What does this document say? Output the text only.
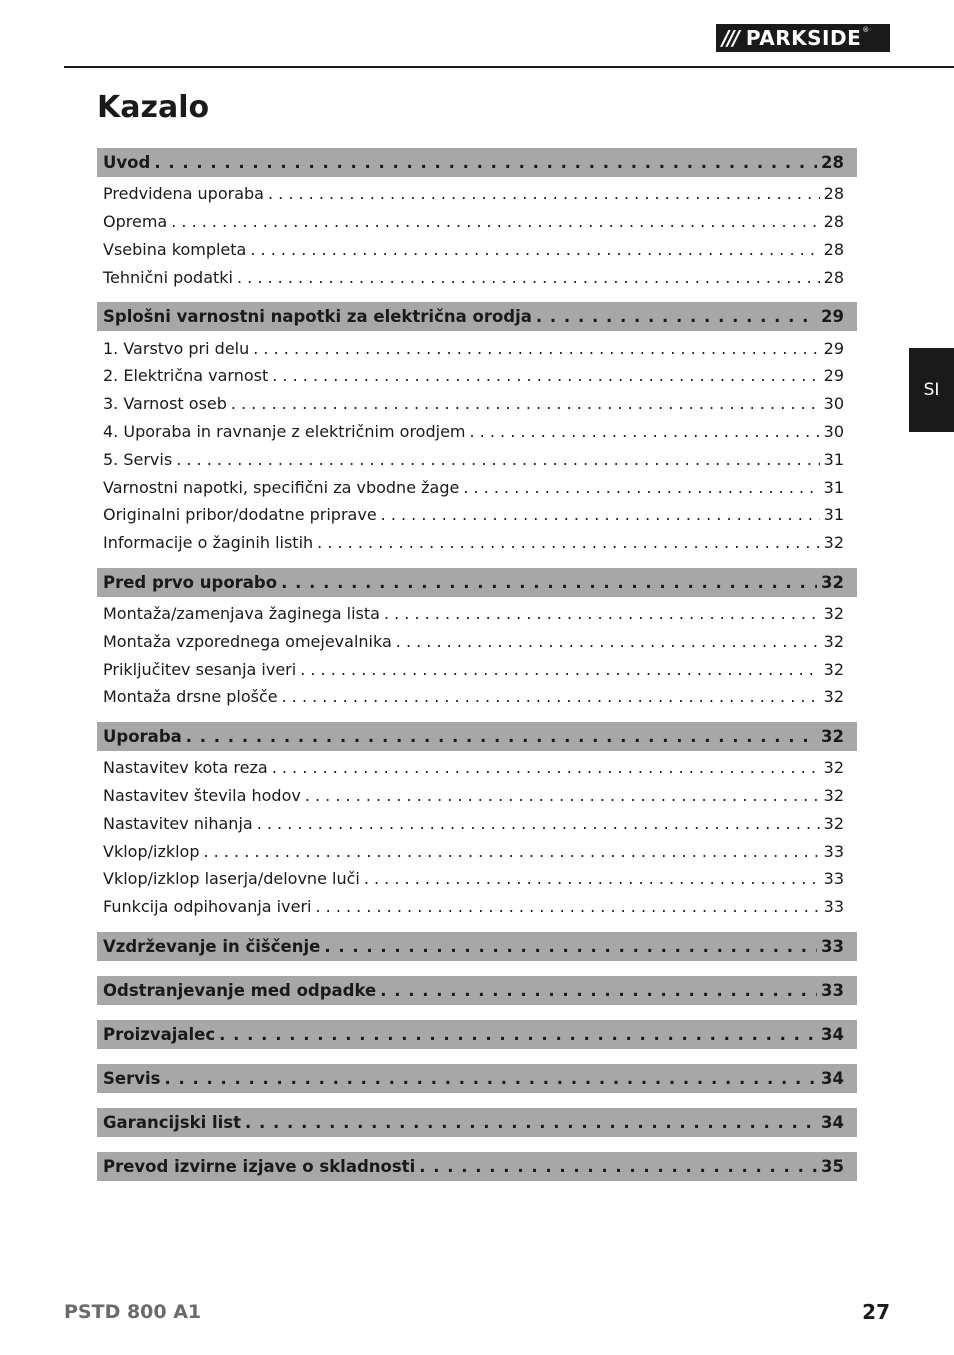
/// PARKSIDE ®
Kazalo
SI
Uvod . . .	28
Predvidena uporaba . . .	28
Oprema . . .	28
Vsebina kompleta . . .	28
Tehnični podatki . . .	28
Splošni varnostni napotki za električna orodja . . .	29
1. Varstvo pri delu . . .	29
2. Električna varnost . . .	29
3. Varnost oseb . . .	30
4. Uporaba in ravnanje z električnim orodjem . . .	30
5. Servis . . .	31
Varnostni napotki, specifični za vbodne žage . . .	31
Originalni pribor/dodatne priprave . . .	31
Informacije o žaginih listih . . .	32
Pred prvo uporabo . . .	32
Montaža/zamenjava žaginega lista . . .	32
Montaža vzporednega omejevalnika . . .	32
Priključitev sesanja iveri . . .	32
Montaža drsne plošče . . .	32
Uporaba . . .	32
Nastavitev kota reza . . .	32
Nastavitev števila hodov . . .	32
Nastavitev nihanja . . .	32
Vklop/izklop . . .	33
Vklop/izklop laserja/delovne luči . . .	33
Funkcija odpihovanja iveri . . .	33
Vzdrževanje in čiščenje . . .	33
Odstranjevanje med odpadke . . .	33
Proizvajalec . . .	34
Servis . . .	34
Garancijski list . . .	34
Prevod izvirne izjave o skladnosti . . .	35
PSTD 800 A1	27
